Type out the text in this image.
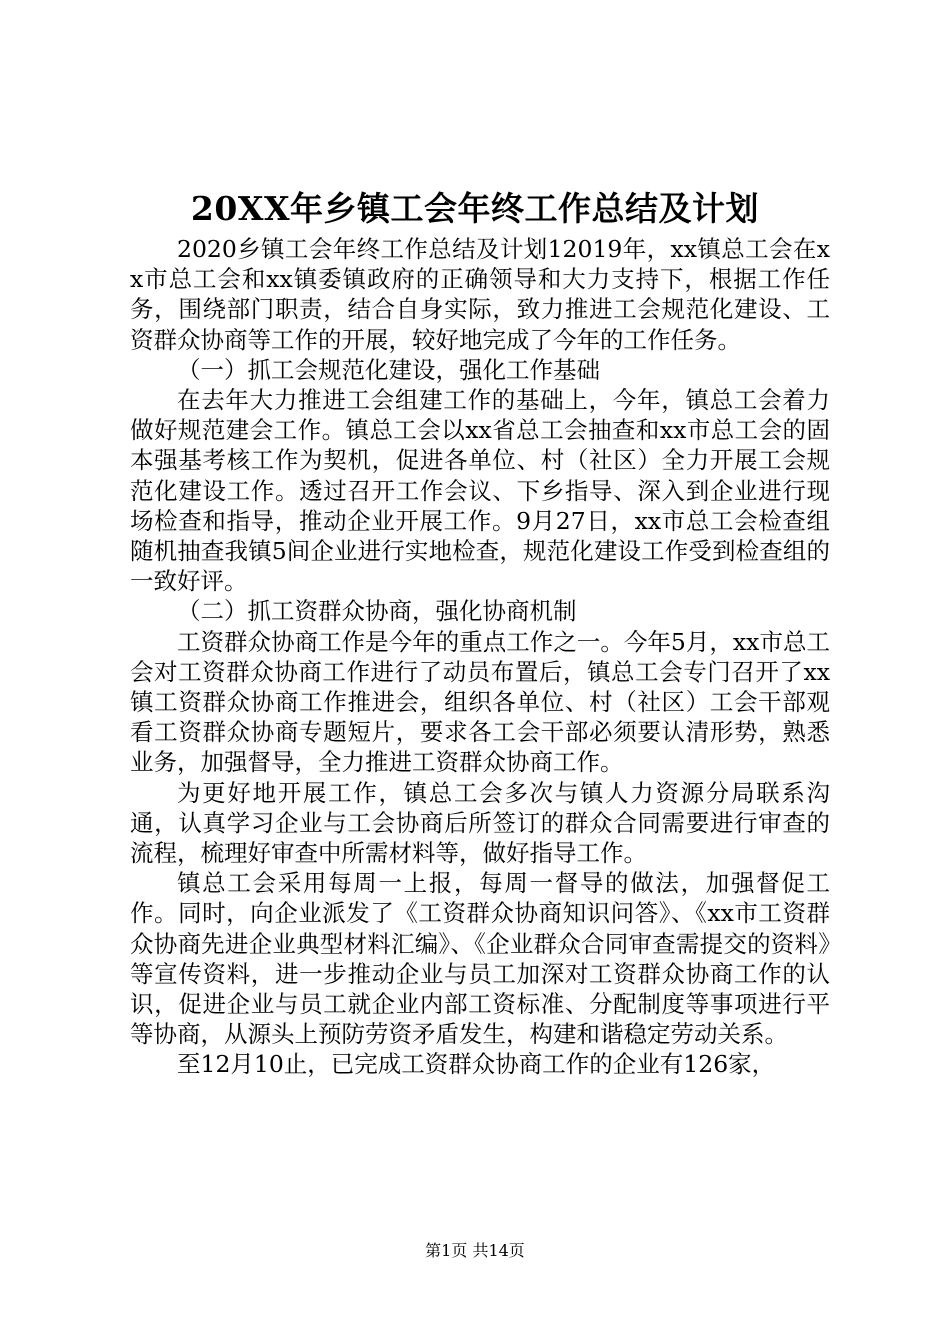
20XX年乡镇工会年终工作总结及计划

2020乡镇工会年终工作总结及计划12019年，xx镇总工会在xx市总工会和xx镇委镇政府的正确领导和大力支持下，根据工作任务，围绕部门职责，结合自身实际，致力推进工会规范化建设、工资群众协商等工作的开展，较好地完成了今年的工作任务。

（一）抓工会规范化建设，强化工作基础

在去年大力推进工会组建工作的基础上，今年，镇总工会着力做好规范建会工作。镇总工会以xx省总工会抽查和xx市总工会的固本强基考核工作为契机，促进各单位、村（社区）全力开展工会规范化建设工作。透过召开工作会议、下乡指导、深入到企业进行现场检查和指导，推动企业开展工作。9月27日，xx市总工会检查组随机抽查我镇5间企业进行实地检查，规范化建设工作受到检查组的一致好评。

（二）抓工资群众协商，强化协商机制

工资群众协商工作是今年的重点工作之一。今年5月，xx市总工会对工资群众协商工作进行了动员布置后，镇总工会专门召开了xx镇工资群众协商工作推进会，组织各单位、村（社区）工会干部观看工资群众协商专题短片，要求各工会干部必须要认清形势，熟悉业务，加强督导，全力推进工资群众协商工作。

为更好地开展工作，镇总工会多次与镇人力资源分局联系沟通，认真学习企业与工会协商后所签订的群众合同需要进行审查的流程，梳理好审查中所需材料等，做好指导工作。

镇总工会采用每周一上报，每周一督导的做法，加强督促工作。同时，向企业派发了《工资群众协商知识问答》、《xx市工资群众协商先进企业典型材料汇编》、《企业群众合同审查需提交的资料》等宣传资料，进一步推动企业与员工加深对工资群众协商工作的认识，促进企业与员工就企业内部工资标准、分配制度等事项进行平等协商，从源头上预防劳资矛盾发生，构建和谐稳定劳动关系。

至12月10止，已完成工资群众协商工作的企业有126家，

第1页 共14页
